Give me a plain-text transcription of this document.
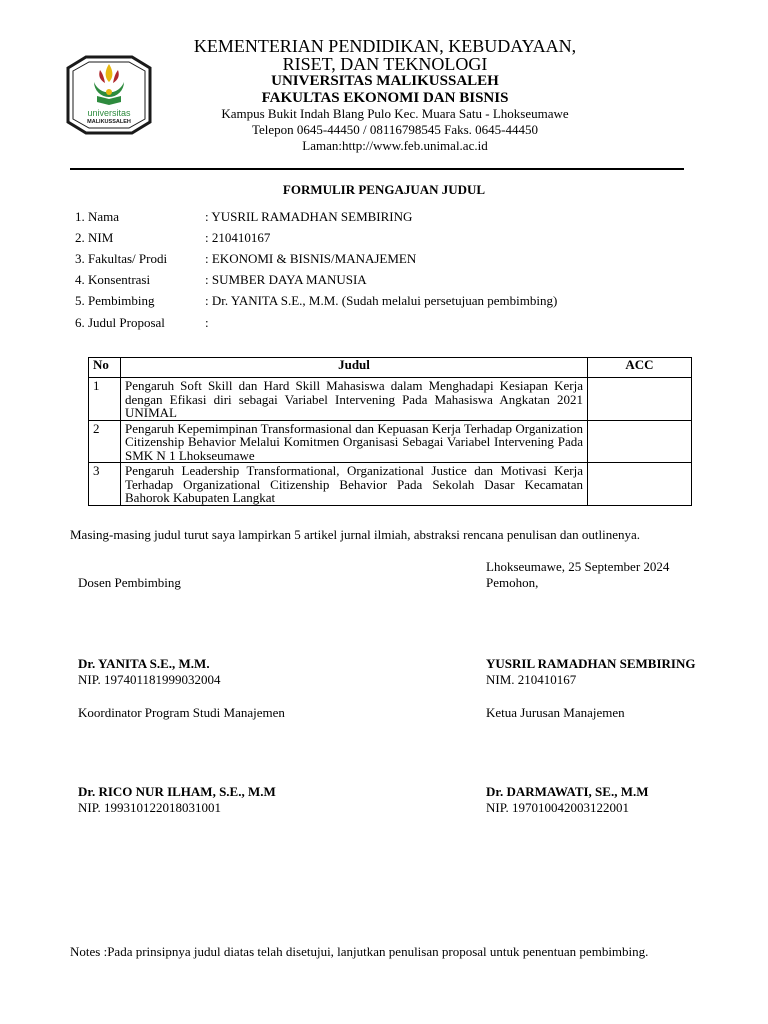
universitas
MALIKUSSALEH
KEMENTERIAN PENDIDIKAN, KEBUDAYAAN,
RISET, DAN TEKNOLOGI
UNIVERSITAS MALIKUSSALEH
FAKULTAS EKONOMI DAN BISNIS
Kampus Bukit Indah Blang Pulo Kec. Muara Satu - Lhokseumawe
Telepon 0645-44450 / 08116798545 Faks. 0645-44450
Laman:http://www.feb.unimal.ac.id
FORMULIR PENGAJUAN JUDUL
1. Nama	: YUSRIL RAMADHAN SEMBIRING
2. NIM	: 210410167
3. Fakultas/ Prodi	: EKONOMI & BISNIS/MANAJEMEN
4. Konsentrasi	: SUMBER DAYA MANUSIA
5. Pembimbing	: Dr. YANITA S.E., M.M. (Sudah melalui persetujuan pembimbing)
6. Judul Proposal	:
No	Judul	ACC
1	Pengaruh Soft Skill dan Hard Skill Mahasiswa dalam Menghadapi Kesiapan Kerja dengan Efikasi diri sebagai Variabel Intervening Pada Mahasiswa Angkatan 2021 UNIMAL	
2	Pengaruh Kepemimpinan Transformasional dan Kepuasan Kerja Terhadap Organization Citizenship Behavior Melalui Komitmen Organisasi Sebagai Variabel Intervening Pada SMK N 1 Lhokseumawe	
3	Pengaruh Leadership Transformational, Organizational Justice dan Motivasi Kerja Terhadap Organizational Citizenship Behavior Pada Sekolah Dasar Kecamatan Bahorok Kabupaten Langkat	
Masing-masing judul turut saya lampirkan 5 artikel jurnal ilmiah, abstraksi rencana penulisan dan outlinenya.
Lhokseumawe, 25 September 2024
Dosen Pembimbing	Pemohon,
Dr. YANITA S.E., M.M.
NIP. 197401181999032004
YUSRIL RAMADHAN SEMBIRING
NIM. 210410167
Koordinator Program Studi Manajemen	Ketua Jurusan Manajemen
Dr. RICO NUR ILHAM, S.E., M.M
NIP. 199310122018031001
Dr. DARMAWATI, SE., M.M
NIP. 197010042003122001
Notes :Pada prinsipnya judul diatas telah disetujui, lanjutkan penulisan proposal untuk penentuan pembimbing.
